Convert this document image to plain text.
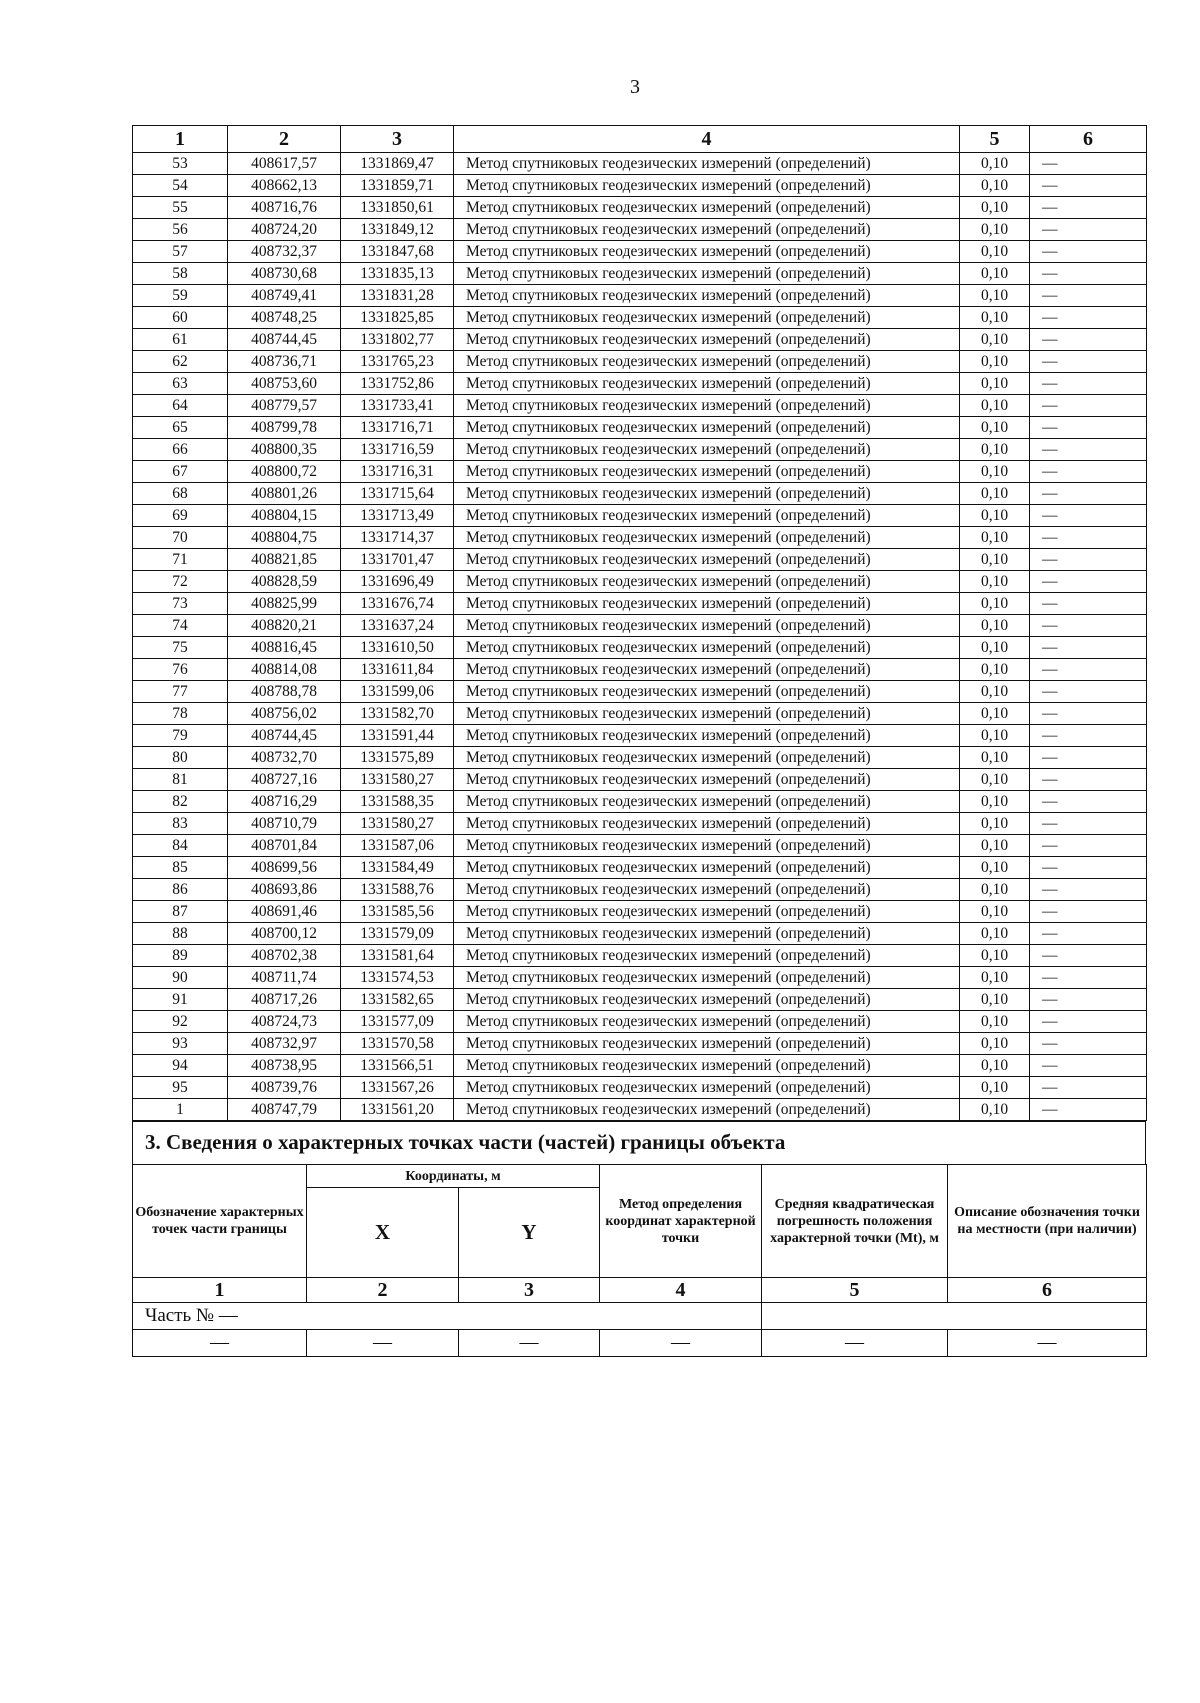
3
1	2	3	4	5	6
53	408617,57	1331869,47	Метод спутниковых геодезических измерений (определений)	0,10	—
54	408662,13	1331859,71	Метод спутниковых геодезических измерений (определений)	0,10	—
55	408716,76	1331850,61	Метод спутниковых геодезических измерений (определений)	0,10	—
56	408724,20	1331849,12	Метод спутниковых геодезических измерений (определений)	0,10	—
57	408732,37	1331847,68	Метод спутниковых геодезических измерений (определений)	0,10	—
58	408730,68	1331835,13	Метод спутниковых геодезических измерений (определений)	0,10	—
59	408749,41	1331831,28	Метод спутниковых геодезических измерений (определений)	0,10	—
60	408748,25	1331825,85	Метод спутниковых геодезических измерений (определений)	0,10	—
61	408744,45	1331802,77	Метод спутниковых геодезических измерений (определений)	0,10	—
62	408736,71	1331765,23	Метод спутниковых геодезических измерений (определений)	0,10	—
63	408753,60	1331752,86	Метод спутниковых геодезических измерений (определений)	0,10	—
64	408779,57	1331733,41	Метод спутниковых геодезических измерений (определений)	0,10	—
65	408799,78	1331716,71	Метод спутниковых геодезических измерений (определений)	0,10	—
66	408800,35	1331716,59	Метод спутниковых геодезических измерений (определений)	0,10	—
67	408800,72	1331716,31	Метод спутниковых геодезических измерений (определений)	0,10	—
68	408801,26	1331715,64	Метод спутниковых геодезических измерений (определений)	0,10	—
69	408804,15	1331713,49	Метод спутниковых геодезических измерений (определений)	0,10	—
70	408804,75	1331714,37	Метод спутниковых геодезических измерений (определений)	0,10	—
71	408821,85	1331701,47	Метод спутниковых геодезических измерений (определений)	0,10	—
72	408828,59	1331696,49	Метод спутниковых геодезических измерений (определений)	0,10	—
73	408825,99	1331676,74	Метод спутниковых геодезических измерений (определений)	0,10	—
74	408820,21	1331637,24	Метод спутниковых геодезических измерений (определений)	0,10	—
75	408816,45	1331610,50	Метод спутниковых геодезических измерений (определений)	0,10	—
76	408814,08	1331611,84	Метод спутниковых геодезических измерений (определений)	0,10	—
77	408788,78	1331599,06	Метод спутниковых геодезических измерений (определений)	0,10	—
78	408756,02	1331582,70	Метод спутниковых геодезических измерений (определений)	0,10	—
79	408744,45	1331591,44	Метод спутниковых геодезических измерений (определений)	0,10	—
80	408732,70	1331575,89	Метод спутниковых геодезических измерений (определений)	0,10	—
81	408727,16	1331580,27	Метод спутниковых геодезических измерений (определений)	0,10	—
82	408716,29	1331588,35	Метод спутниковых геодезических измерений (определений)	0,10	—
83	408710,79	1331580,27	Метод спутниковых геодезических измерений (определений)	0,10	—
84	408701,84	1331587,06	Метод спутниковых геодезических измерений (определений)	0,10	—
85	408699,56	1331584,49	Метод спутниковых геодезических измерений (определений)	0,10	—
86	408693,86	1331588,76	Метод спутниковых геодезических измерений (определений)	0,10	—
87	408691,46	1331585,56	Метод спутниковых геодезических измерений (определений)	0,10	—
88	408700,12	1331579,09	Метод спутниковых геодезических измерений (определений)	0,10	—
89	408702,38	1331581,64	Метод спутниковых геодезических измерений (определений)	0,10	—
90	408711,74	1331574,53	Метод спутниковых геодезических измерений (определений)	0,10	—
91	408717,26	1331582,65	Метод спутниковых геодезических измерений (определений)	0,10	—
92	408724,73	1331577,09	Метод спутниковых геодезических измерений (определений)	0,10	—
93	408732,97	1331570,58	Метод спутниковых геодезических измерений (определений)	0,10	—
94	408738,95	1331566,51	Метод спутниковых геодезических измерений (определений)	0,10	—
95	408739,76	1331567,26	Метод спутниковых геодезических измерений (определений)	0,10	—
1	408747,79	1331561,20	Метод спутниковых геодезических измерений (определений)	0,10	—
3. Сведения о характерных точках части (частей) границы объекта
Обозначение характерных точек части границы	Координаты, м		Метод определения координат характерной точки	Средняя квадратическая погрешность положения характерной точки (Mt), м	Описание обозначения точки на местности (при наличии)
	X	Y			
1	2	3	4	5	6
Часть № —					
—	—	—	—	—	—
